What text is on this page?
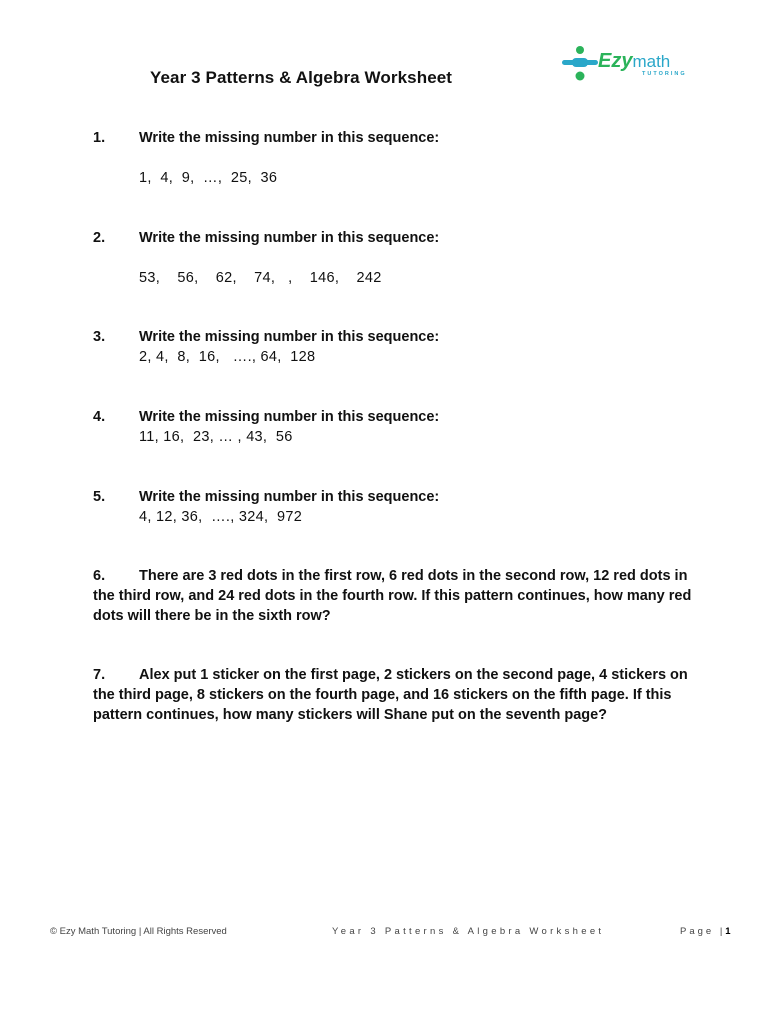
Year 3 Patterns & Algebra Worksheet
Ezymath
TUTORING
1. Write the missing number in this sequence:
1,  4,  9,  …,  25,  36
2. Write the missing number in this sequence:
53,    56,    62,    74,   ,    146,    242
3. Write the missing number in this sequence:
2, 4,  8,  16,   …., 64,  128
4. Write the missing number in this sequence:
11, 16,  23, … , 43,  56
5. Write the missing number in this sequence:
4, 12, 36,  …., 324,  972
6. There are 3 red dots in the first row, 6 red dots in the second row, 12 red dots in the third row, and 24 red dots in the fourth row. If this pattern continues, how many red dots will there be in the sixth row?
7. Alex put 1 sticker on the first page, 2 stickers on the second page, 4 stickers on the third page, 8 stickers on the fourth page, and 16 stickers on the fifth page. If this pattern continues, how many stickers will Shane put on the seventh page?
© Ezy Math Tutoring | All Rights Reserved	Year 3 Patterns & Algebra Worksheet	Page |1
